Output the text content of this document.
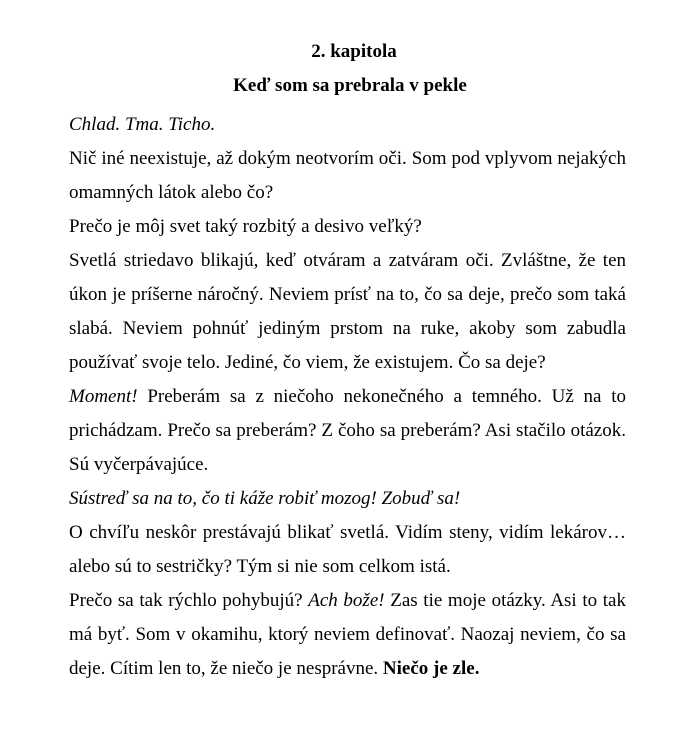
2. kapitola
Keď som sa prebrala v pekle

Chlad. Tma. Ticho.

Nič iné neexistuje, až dokým neotvorím oči. Som pod vplyvom nejakých omamných látok alebo čo?

Prečo je môj svet taký rozbitý a desivo veľký?

Svetlá striedavo blikajú, keď otváram a zatváram oči. Zvláštne, že ten úkon je príšerne náročný. Neviem prísť na to, čo sa deje, prečo som taká slabá. Neviem pohnúť jediným prstom na ruke, akoby som zabudla používať svoje telo. Jediné, čo viem, že existujem. Čo sa deje?

Moment! Preberám sa z niečoho nekonečného a temného. Už na to prichádzam. Prečo sa preberám? Z čoho sa preberám? Asi stačilo otázok. Sú vyčerpávajúce.

Sústreď sa na to, čo ti káže robiť mozog! Zobuď sa!

O chvíľu neskôr prestávajú blikať svetlá. Vidím steny, vidím lekárov… alebo sú to sestričky? Tým si nie som celkom istá.

Prečo sa tak rýchlo pohybujú? Ach bože! Zas tie moje otázky. Asi to tak má byť. Som v okamihu, ktorý neviem definovať. Naozaj neviem, čo sa deje. Cítim len to, že niečo je nesprávne. Niečo je zle.
